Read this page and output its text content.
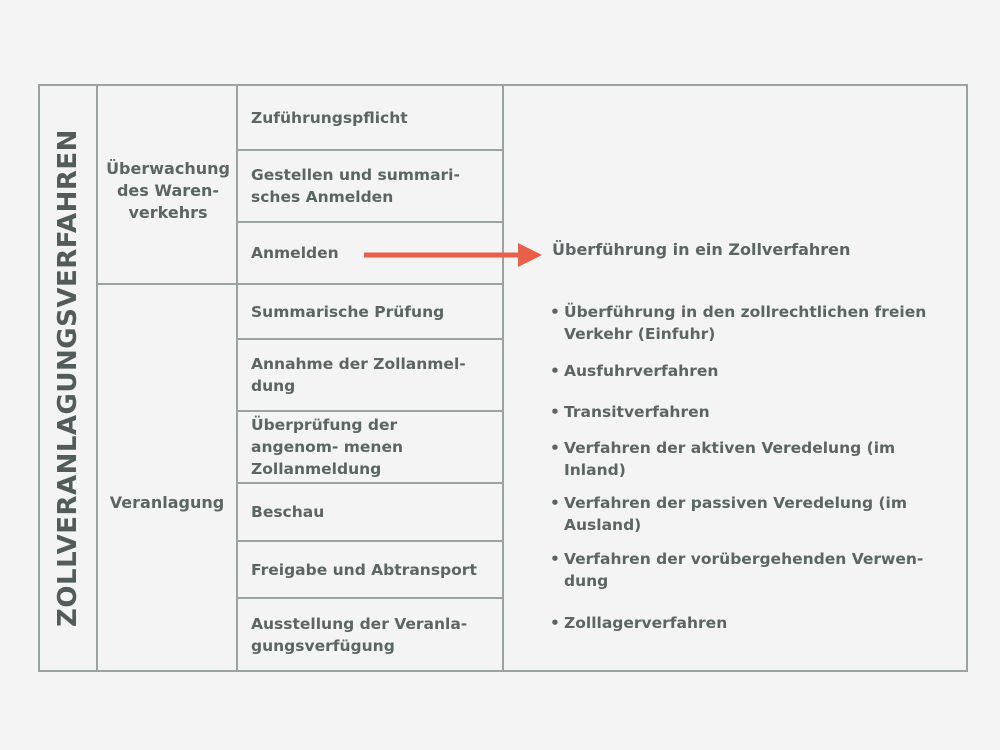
ZOLLVERANLAGUNGSVERFAHREN Überwachung des Waren- verkehrs
Veranlagung
Zuführungspflicht
Gestellen und summari- sches Anmelden
Anmelden
Summarische Prüfung
Annahme der Zollanmel- dung
Überprüfung der angenom- menen Zollanmeldung
Beschau
Freigabe und Abtransport
Ausstellung der Veranla- gungsverfügung
Überführung in ein Zollverfahren
• Überführung in den zollrechtlichen freien Verkehr (Einfuhr)
• Ausfuhrverfahren
• Transitverfahren
• Verfahren der aktiven Veredelung (im Inland)
• Verfahren der passiven Veredelung (im Ausland)
• Verfahren der vorübergehenden Verwen- dung
• Zolllagerverfahren
